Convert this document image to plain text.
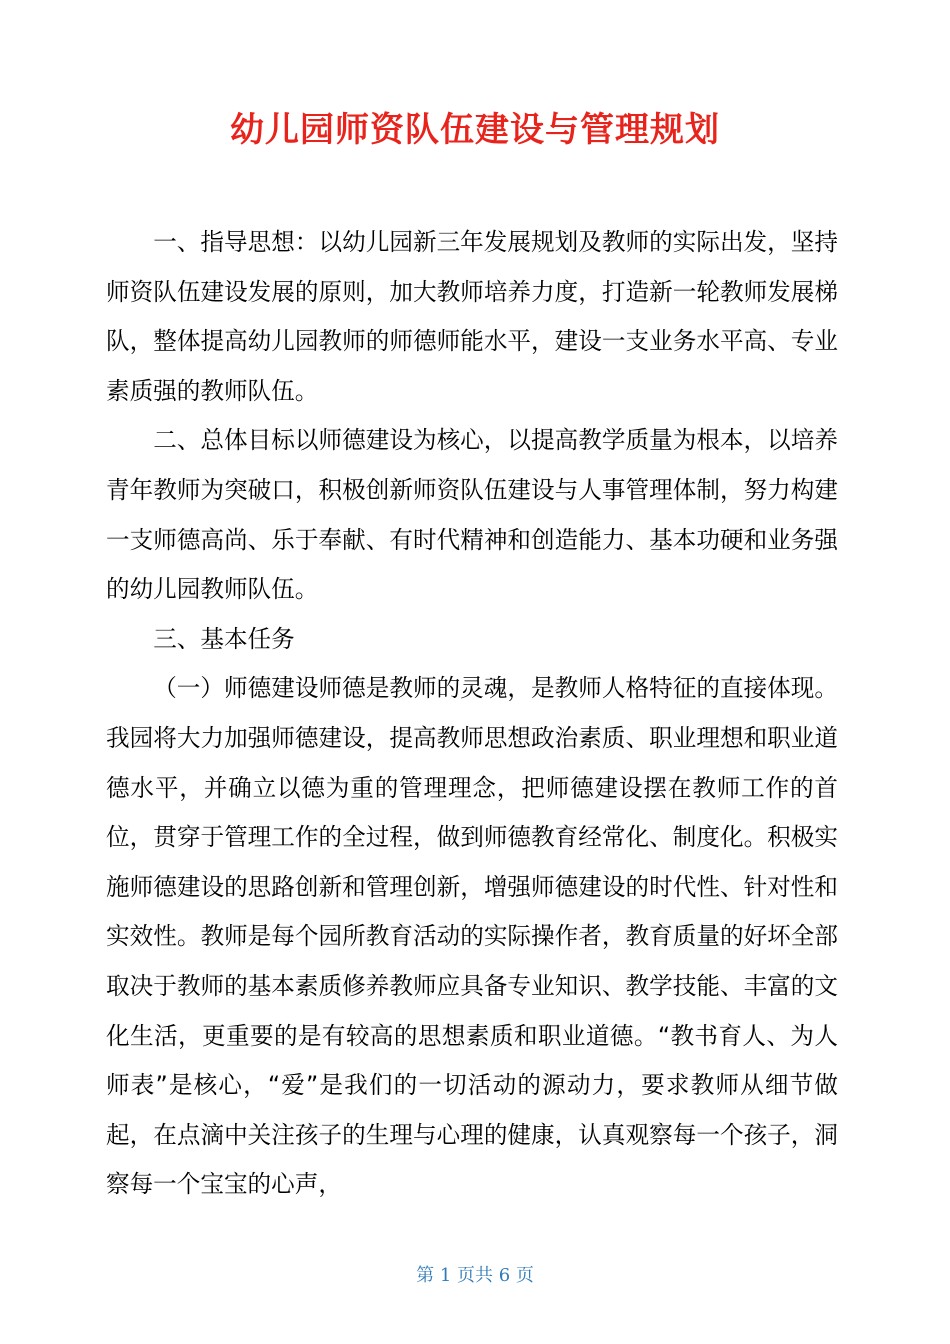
幼儿园师资队伍建设与管理规划

一、指导思想：以幼儿园新三年发展规划及教师的实际出发，坚持师资队伍建设发展的原则，加大教师培养力度，打造新一轮教师发展梯队，整体提高幼儿园教师的师德师能水平，建设一支业务水平高、专业素质强的教师队伍。

二、总体目标以师德建设为核心，以提高教学质量为根本，以培养青年教师为突破口，积极创新师资队伍建设与人事管理体制，努力构建一支师德高尚、乐于奉献、有时代精神和创造能力、基本功硬和业务强的幼儿园教师队伍。

三、基本任务

（一）师德建设师德是教师的灵魂，是教师人格特征的直接体现。我园将大力加强师德建设，提高教师思想政治素质、职业理想和职业道德水平，并确立以德为重的管理理念，把师德建设摆在教师工作的首位，贯穿于管理工作的全过程，做到师德教育经常化、制度化。积极实施师德建设的思路创新和管理创新，增强师德建设的时代性、针对性和实效性。教师是每个园所教育活动的实际操作者，教育质量的好坏全部取决于教师的基本素质修养教师应具备专业知识、教学技能、丰富的文化生活，更重要的是有较高的思想素质和职业道德。“教书育人、为人师表”是核心，“爱”是我们的一切活动的源动力，要求教师从细节做起，在点滴中关注孩子的生理与心理的健康，认真观察每一个孩子，洞察每一个宝宝的心声，

第 1 页共 6 页
